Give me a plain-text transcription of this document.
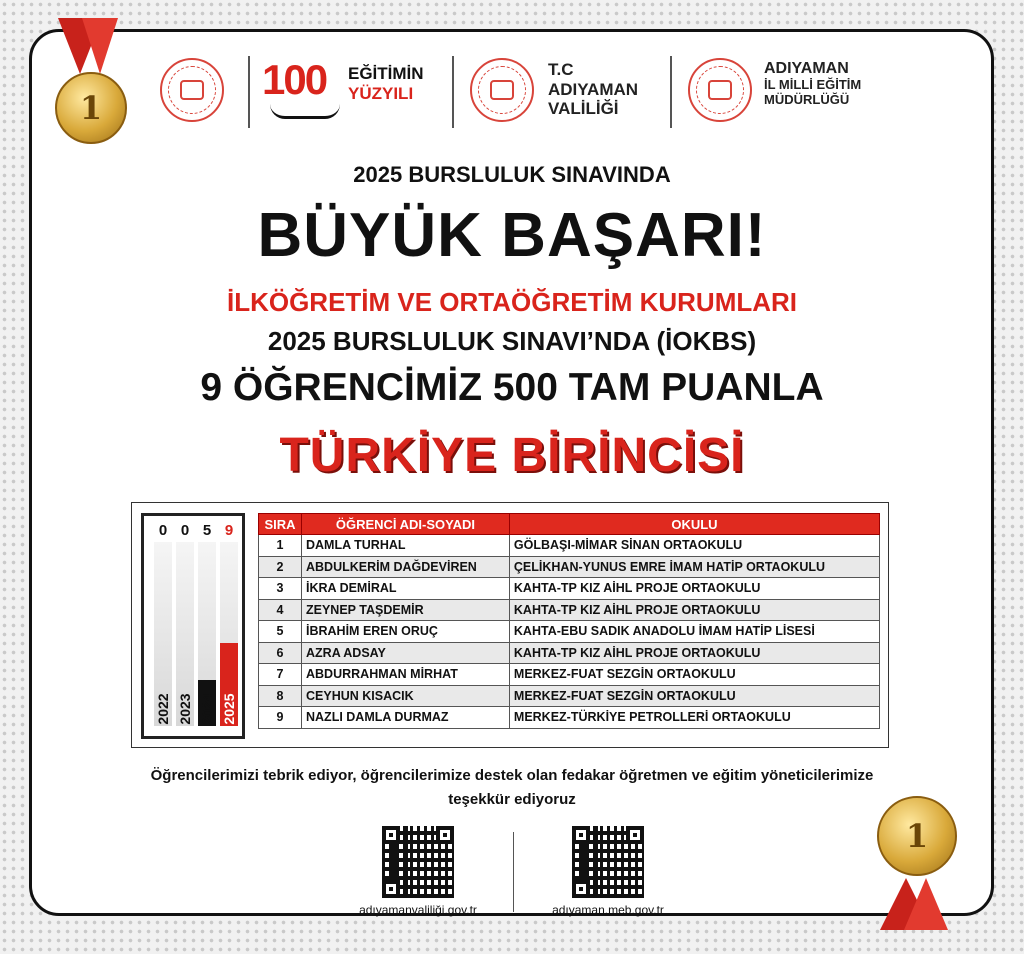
1
100 EĞİTİMİN
YÜZYILI
T.C
ADIYAMAN
VALİLİĞİ
ADIYAMAN
İL MİLLİ EĞİTİM
MÜDÜRLÜĞÜ
2025 BURSLULUK SINAVINDA
BÜYÜK BAŞARI!
İLKÖĞRETİM VE ORTAÖĞRETİM KURUMLARI
2025 BURSLULUK SINAVI’NDA (İOKBS)
9 ÖĞRENCİMİZ 500 TAM PUANLA
TÜRKİYE BİRİNCİSİ
0
2022
0
2023
5
2024
9
2025
SIRA	ÖĞRENCİ ADI-SOYADI	OKULU
1	DAMLA TURHAL	GÖLBAŞI-MİMAR SİNAN ORTAOKULU
2	ABDULKERİM DAĞDEVİREN	ÇELİKHAN-YUNUS EMRE İMAM HATİP ORTAOKULU
3	İKRA DEMİRAL	KAHTA-TP KIZ AİHL PROJE ORTAOKULU
4	ZEYNEP TAŞDEMİR	KAHTA-TP KIZ AİHL PROJE ORTAOKULU
5	İBRAHİM EREN ORUÇ	KAHTA-EBU SADIK ANADOLU İMAM HATİP LİSESİ
6	AZRA ADSAY	KAHTA-TP KIZ AİHL PROJE ORTAOKULU
7	ABDURRAHMAN MİRHAT	MERKEZ-FUAT SEZGİN ORTAOKULU
8	CEYHUN KISACIK	MERKEZ-FUAT SEZGİN ORTAOKULU
9	NAZLI DAMLA DURMAZ	MERKEZ-TÜRKİYE PETROLLERİ ORTAOKULU
Öğrencilerimizi tebrik ediyor, öğrencilerimize destek olan fedakar öğretmen ve eğitim yöneticilerimize
teşekkür ediyoruz
adıyamanvaliliği.gov.tr	adıyaman.meb.gov.tr
1
